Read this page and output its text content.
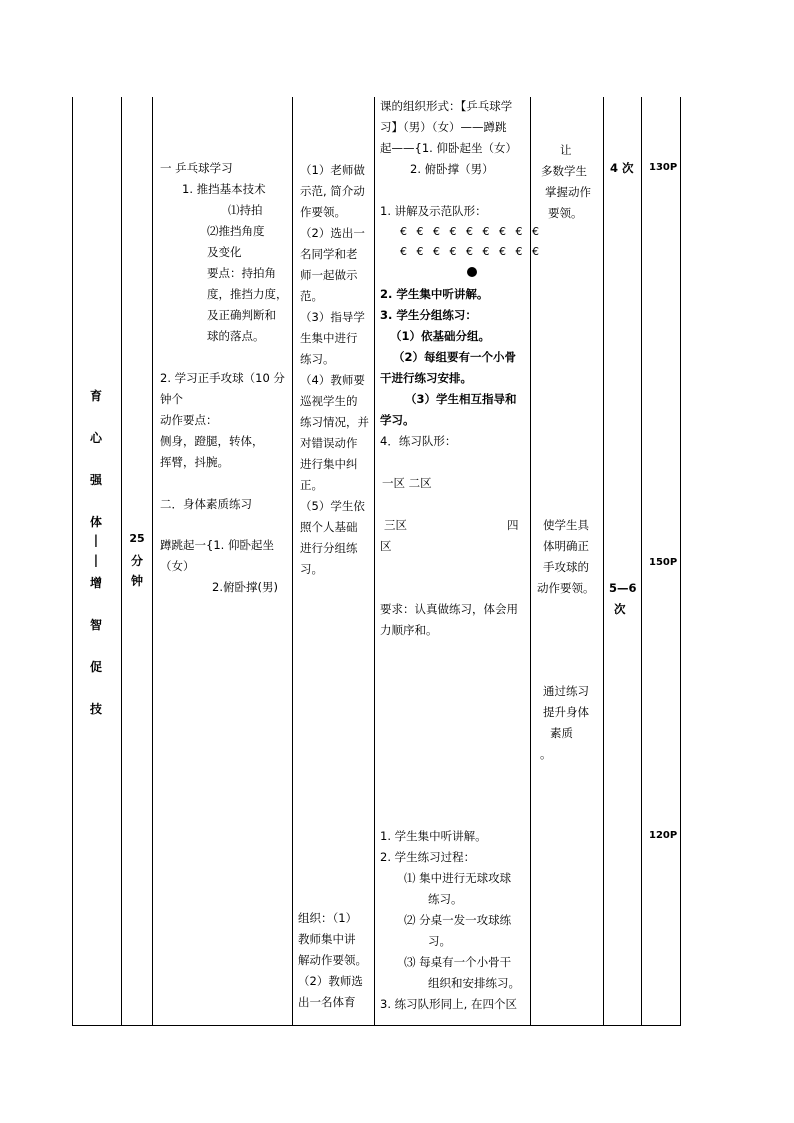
育
心
强
体
|
|
增
智
促
技
25
分
钟
一 乒乓球学习
1. 推挡基本技术
⑴持拍
⑵推挡角度
及变化
要点：持拍角
度，推挡力度，
及正确判断和
球的落点。
2. 学习正手攻球（10 分
钟个
动作要点：
侧身，蹬腿，转体，
挥臂，抖腕。
二．身体素质练习
蹲跳起一{1. 仰卧起坐
（女）
2.俯卧撑(男)
（1）老师做
示范, 简介动
作要领。
（2）选出一
名同学和老
师一起做示
范。
（3）指导学
生集中进行
练习。
（4）教师要
巡视学生的
练习情况，并
对错误动作
进行集中纠
正。
（5）学生依
照个人基础
进行分组练
习。
组织：（1）
教师集中讲
解动作要领。
（2）教师选
出一名体育
课的组织形式：【乒乓球学
习】（男）（女）——蹲跳
起——{1. 仰卧起坐（女）
2. 俯卧撑（男）
1. 讲解及示范队形：
€ € € € € € € € €
€ € € € € € € € €
2. 学生集中听讲解。
3. 学生分组练习：
（1）依基础分组。
（2）每组要有一个小骨
干进行练习安排。
（3）学生相互指导和
学习。
4．练习队形：
一区 二区
三区	四
区
要求：认真做练习，体会用
力顺序和。
1. 学生集中听讲解。
2. 学生练习过程：
⑴ 集中进行无球攻球
练习。
⑵ 分桌一发一攻球练
习。
⑶ 每桌有一个小骨干
组织和安排练习。
3. 练习队形同上, 在四个区
让
多数学生
掌握动作
要领。
使学生具
体明确正
手攻球的
动作要领。
通过练习
提升身体
素质
。
4 次
5—6
次
130P
150P
120P
